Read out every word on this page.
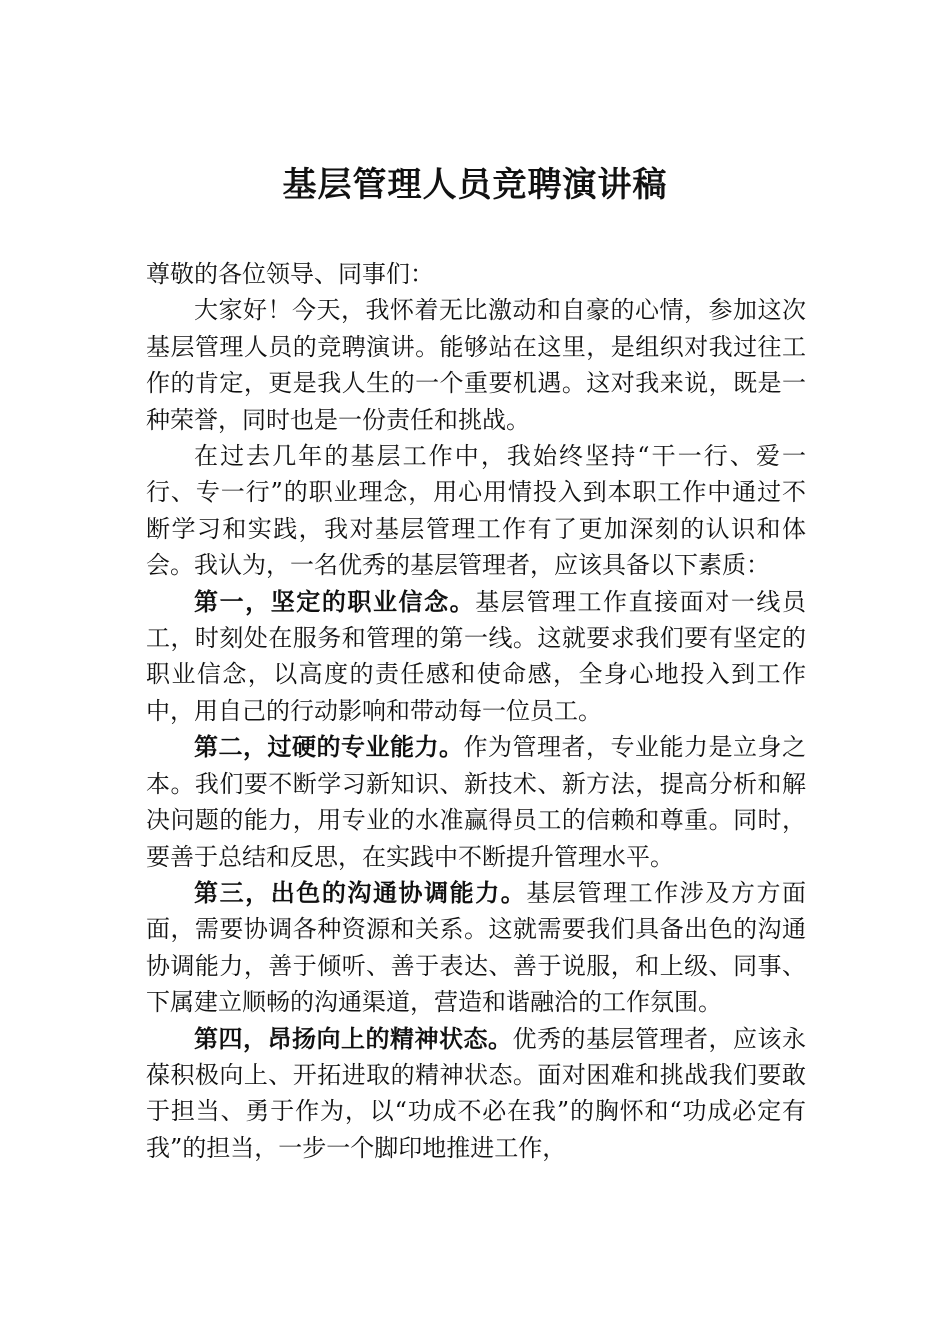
基层管理人员竞聘演讲稿

尊敬的各位领导、同事们：

大家好！今天，我怀着无比激动和自豪的心情，参加这次基层管理人员的竞聘演讲。能够站在这里，是组织对我过往工作的肯定，更是我人生的一个重要机遇。这对我来说，既是一种荣誉，同时也是一份责任和挑战。

在过去几年的基层工作中，我始终坚持“干一行、爱一行、专一行”的职业理念，用心用情投入到本职工作中通过不断学习和实践，我对基层管理工作有了更加深刻的认识和体会。我认为，一名优秀的基层管理者，应该具备以下素质：

第一，坚定的职业信念。基层管理工作直接面对一线员工，时刻处在服务和管理的第一线。这就要求我们要有坚定的职业信念，以高度的责任感和使命感，全身心地投入到工作中，用自己的行动影响和带动每一位员工。

第二，过硬的专业能力。作为管理者，专业能力是立身之本。我们要不断学习新知识、新技术、新方法，提高分析和解决问题的能力，用专业的水准赢得员工的信赖和尊重。同时，要善于总结和反思，在实践中不断提升管理水平。

第三，出色的沟通协调能力。基层管理工作涉及方方面面，需要协调各种资源和关系。这就需要我们具备出色的沟通协调能力，善于倾听、善于表达、善于说服，和上级、同事、下属建立顺畅的沟通渠道，营造和谐融洽的工作氛围。

第四，昂扬向上的精神状态。优秀的基层管理者，应该永葆积极向上、开拓进取的精神状态。面对困难和挑战我们要敢于担当、勇于作为，以“功成不必在我”的胸怀和“功成必定有我”的担当，一步一个脚印地推进工作，
